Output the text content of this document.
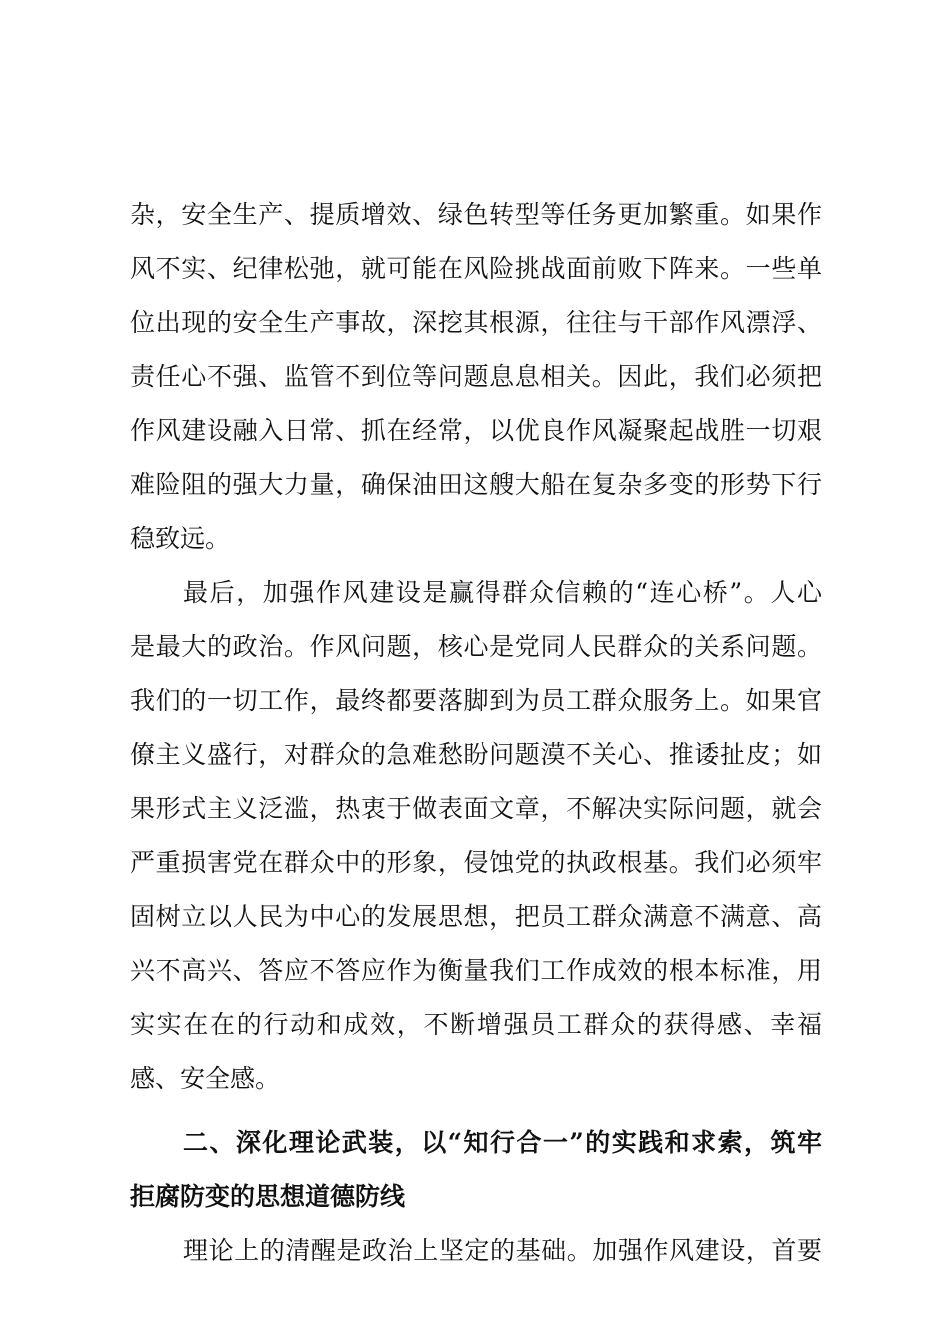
杂，安全生产、提质增效、绿色转型等任务更加繁重。如果作
风不实、纪律松弛，就可能在风险挑战面前败下阵来。一些单
位出现的安全生产事故，深挖其根源，往往与干部作风漂浮、
责任心不强、监管不到位等问题息息相关。因此，我们必须把
作风建设融入日常、抓在经常，以优良作风凝聚起战胜一切艰
难险阻的强大力量，确保油田这艘大船在复杂多变的形势下行
稳致远。
最后，加强作风建设是赢得群众信赖的“连心桥”。人心
是最大的政治。作风问题，核心是党同人民群众的关系问题。
我们的一切工作，最终都要落脚到为员工群众服务上。如果官
僚主义盛行，对群众的急难愁盼问题漠不关心、推诿扯皮；如
果形式主义泛滥，热衷于做表面文章，不解决实际问题，就会
严重损害党在群众中的形象，侵蚀党的执政根基。我们必须牢
固树立以人民为中心的发展思想，把员工群众满意不满意、高
兴不高兴、答应不答应作为衡量我们工作成效的根本标准，用
实实在在的行动和成效，不断增强员工群众的获得感、幸福
感、安全感。
二、深化理论武装，以“知行合一”的实践和求索，筑牢
拒腐防变的思想道德防线
理论上的清醒是政治上坚定的基础。加强作风建设，首要
